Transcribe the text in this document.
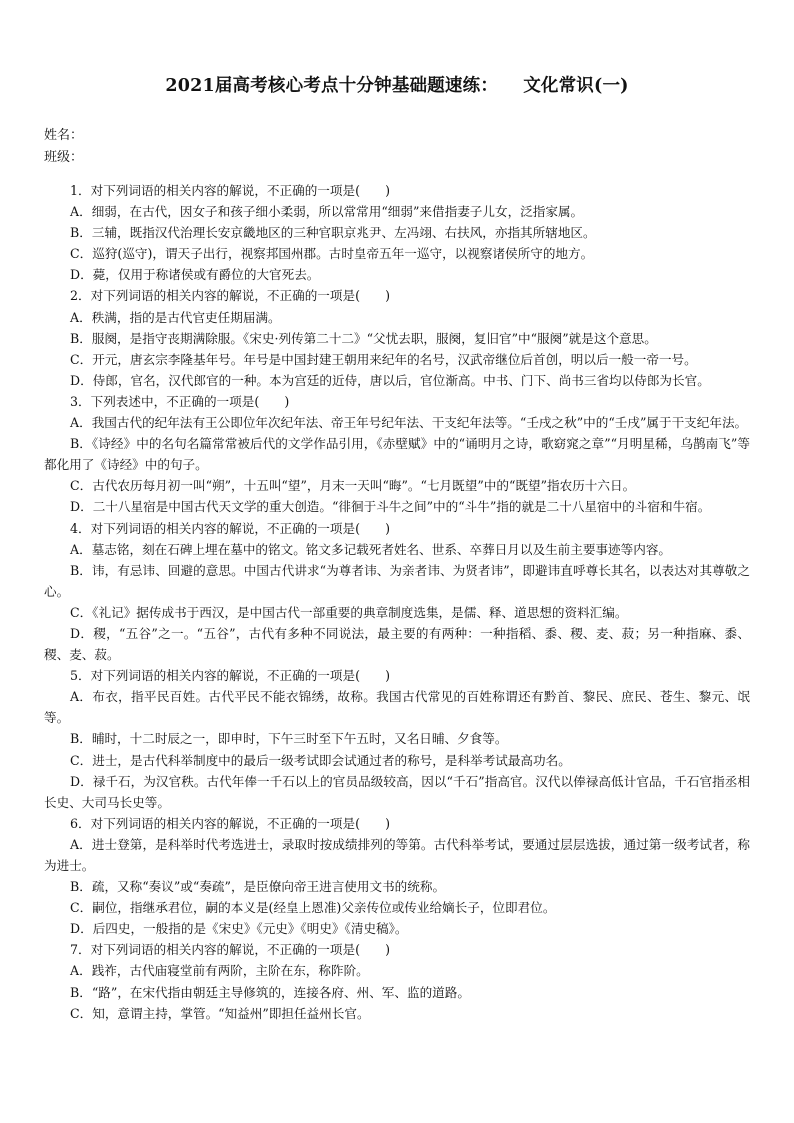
2021届高考核心考点十分钟基础题速练：    文化常识(一)
姓名：
班级：

1．对下列词语的相关内容的解说，不正确的一项是(　　)

A．细弱，在古代，因女子和孩子细小柔弱，所以常常用“细弱”来借指妻子儿女，泛指家属。

B．三辅，既指汉代治理长安京畿地区的三种官职京兆尹、左冯翊、右扶风，亦指其所辖地区。

C．巡狩(巡守)，谓天子出行，视察邦国州郡。古时皇帝五年一巡守，以视察诸侯所守的地方。

D．薨，仅用于称诸侯或有爵位的大官死去。

2．对下列词语的相关内容的解说，不正确的一项是(　　)

A．秩满，指的是古代官吏任期届满。

B．服阕，是指守丧期满除服。《宋史·列传第二十二》“父忧去职，服阕，复旧官”中“服阕”就是这个意思。

C．开元，唐玄宗李隆基年号。年号是中国封建王朝用来纪年的名号，汉武帝继位后首创，明以后一般一帝一号。

D．侍郎，官名，汉代郎官的一种。本为宫廷的近侍，唐以后，官位渐高。中书、门下、尚书三省均以侍郎为长官。

3．下列表述中，不正确的一项是(　　)

A．我国古代的纪年法有王公即位年次纪年法、帝王年号纪年法、干支纪年法等。“壬戌之秋”中的“壬戌”属于干支纪年法。

B．《诗经》中的名句名篇常常被后代的文学作品引用，《赤壁赋》中的“诵明月之诗，歌窈窕之章”“月明星稀，乌鹊南飞”等都化用了《诗经》中的句子。

C．古代农历每月初一叫“朔”，十五叫“望”，月末一天叫“晦”。“七月既望”中的“既望”指农历十六日。

D．二十八星宿是中国古代天文学的重大创造。“徘徊于斗牛之间”中的“斗牛”指的就是二十八星宿中的斗宿和牛宿。

4．对下列词语的相关内容的解说，不正确的一项是(　　)

A．墓志铭，刻在石碑上埋在墓中的铭文。铭文多记载死者姓名、世系、卒葬日月以及生前主要事迹等内容。

B．讳，有忌讳、回避的意思。中国古代讲求“为尊者讳、为亲者讳、为贤者讳”，即避讳直呼尊长其名，以表达对其尊敬之心。

C．《礼记》据传成书于西汉，是中国古代一部重要的典章制度选集，是儒、释、道思想的资料汇编。

D．稷，“五谷”之一。“五谷”，古代有多种不同说法，最主要的有两种：一种指稻、黍、稷、麦、菽；另一种指麻、黍、稷、麦、菽。

5．对下列词语的相关内容的解说，不正确的一项是(　　)

A．布衣，指平民百姓。古代平民不能衣锦绣，故称。我国古代常见的百姓称谓还有黔首、黎民、庶民、苍生、黎元、氓等。

B．晡时，十二时辰之一，即申时，下午三时至下午五时，又名日晡、夕食等。

C．进士，是古代科举制度中的最后一级考试即会试通过者的称号，是科举考试最高功名。

D．禄千石，为汉官秩。古代年俸一千石以上的官员品级较高，因以“千石”指高官。汉代以俸禄高低计官品，千石官指丞相长史、大司马长史等。

6．对下列词语的相关内容的解说，不正确的一项是(　　)

A．进士登第，是科举时代考选进士，录取时按成绩排列的等第。古代科举考试，要通过层层选拔，通过第一级考试者，称为进士。

B．疏，又称“奏议”或“奏疏”，是臣僚向帝王进言使用文书的统称。

C．嗣位，指继承君位，嗣的本义是(经皇上恩准)父亲传位或传业给嫡长子，位即君位。

D．后四史，一般指的是《宋史》《元史》《明史》《清史稿》。

7．对下列词语的相关内容的解说，不正确的一项是(　　)

A．践祚，古代庙寝堂前有两阶，主阶在东，称阼阶。

B．“路”，在宋代指由朝廷主导修筑的，连接各府、州、军、监的道路。

C．知，意谓主持，掌管。“知益州”即担任益州长官。
